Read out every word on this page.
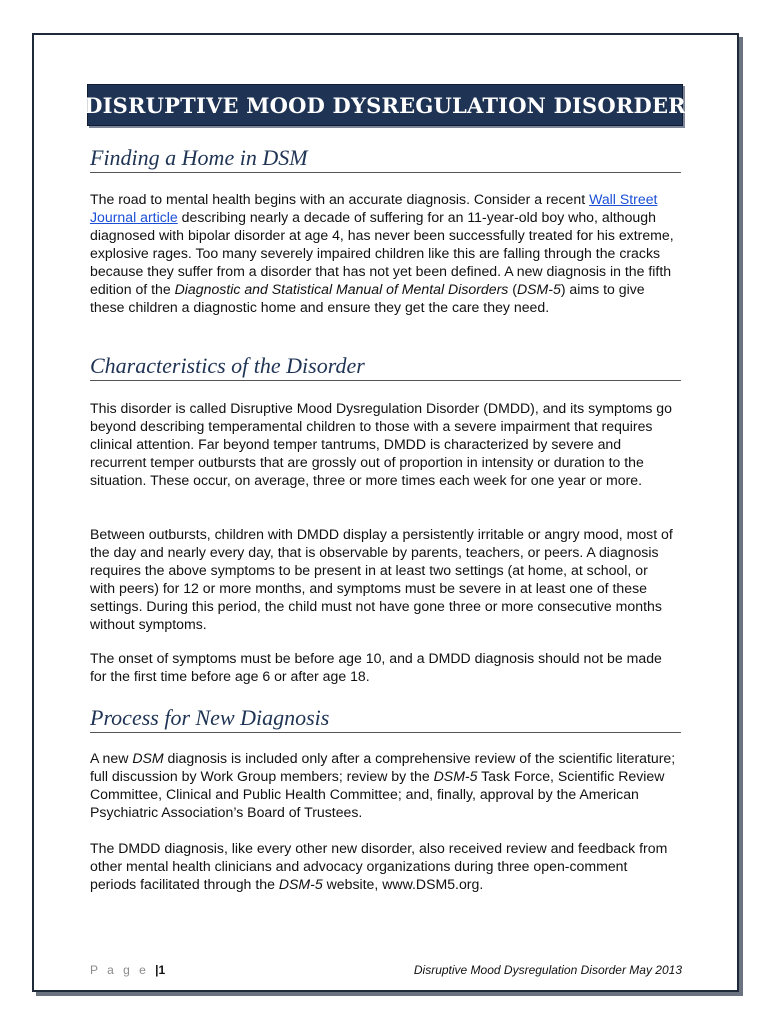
DISRUPTIVE MOOD DYSREGULATION DISORDER
Finding a Home in DSM

The road to mental health begins with an accurate diagnosis. Consider a recent Wall Street Journal article describing nearly a decade of suffering for an 11-year-old boy who, although diagnosed with bipolar disorder at age 4, has never been successfully treated for his extreme, explosive rages. Too many severely impaired children like this are falling through the cracks because they suffer from a disorder that has not yet been defined. A new diagnosis in the fifth edition of the Diagnostic and Statistical Manual of Mental Disorders (DSM-5) aims to give these children a diagnostic home and ensure they get the care they need.

Characteristics of the Disorder

This disorder is called Disruptive Mood Dysregulation Disorder (DMDD), and its symptoms go beyond describing temperamental children to those with a severe impairment that requires clinical attention. Far beyond temper tantrums, DMDD is characterized by severe and recurrent temper outbursts that are grossly out of proportion in intensity or duration to the situation. These occur, on average, three or more times each week for one year or more.

Between outbursts, children with DMDD display a persistently irritable or angry mood, most of the day and nearly every day, that is observable by parents, teachers, or peers. A diagnosis requires the above symptoms to be present in at least two settings (at home, at school, or with peers) for 12 or more months, and symptoms must be severe in at least one of these settings. During this period, the child must not have gone three or more consecutive months without symptoms.

The onset of symptoms must be before age 10, and a DMDD diagnosis should not be made for the first time before age 6 or after age 18.

Process for New Diagnosis

A new DSM diagnosis is included only after a comprehensive review of the scientific literature; full discussion by Work Group members; review by the DSM-5 Task Force, Scientific Review Committee, Clinical and Public Health Committee; and, finally, approval by the American Psychiatric Association’s Board of Trustees.

The DMDD diagnosis, like every other new disorder, also received review and feedback from other mental health clinicians and advocacy organizations during three open-comment periods facilitated through the DSM-5 website, www.DSM5.org.

P a g e |1	Disruptive Mood Dysregulation Disorder May 2013
